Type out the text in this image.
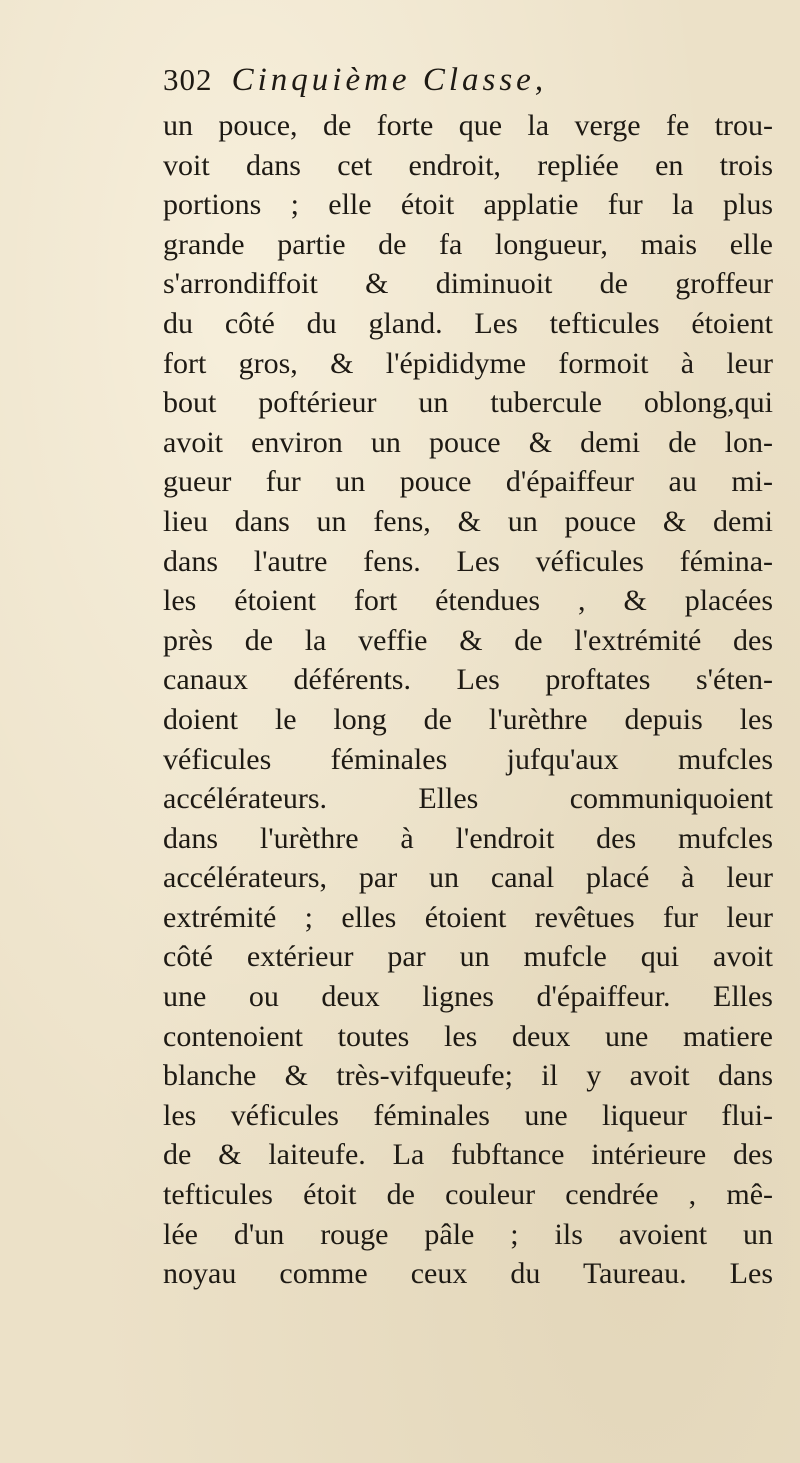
302 Cinquième Classe,
un pouce, de forte que la verge fe trou-
voit dans cet endroit, repliée en trois
portions ; elle étoit applatie fur la plus
grande partie de fa longueur, mais elle
s'arrondiffoit & diminuoit de groffeur
du côté du gland. Les tefticules étoient
fort gros, & l'épididyme formoit à leur
bout poftérieur un tubercule oblong,qui
avoit environ un pouce & demi de lon-
gueur fur un pouce d'épaiffeur au mi-
lieu dans un fens, & un pouce & demi
dans l'autre fens. Les véficules fémina-
les étoient fort étendues , & placées
près de la veffie & de l'extrémité des
canaux déférents. Les proftates s'éten-
doient le long de l'urèthre depuis les
véficules féminales jufqu'aux mufcles
accélérateurs. Elles communiquoient
dans l'urèthre à l'endroit des mufcles
accélérateurs, par un canal placé à leur
extrémité ; elles étoient revêtues fur leur
côté extérieur par un mufcle qui avoit
une ou deux lignes d'épaiffeur. Elles
contenoient toutes les deux une matiere
blanche & très-vifqueufe; il y avoit dans
les véficules féminales une liqueur flui-
de & laiteufe. La fubftance intérieure des
tefticules étoit de couleur cendrée , mê-
lée d'un rouge pâle ; ils avoient un
noyau comme ceux du Taureau. Les
